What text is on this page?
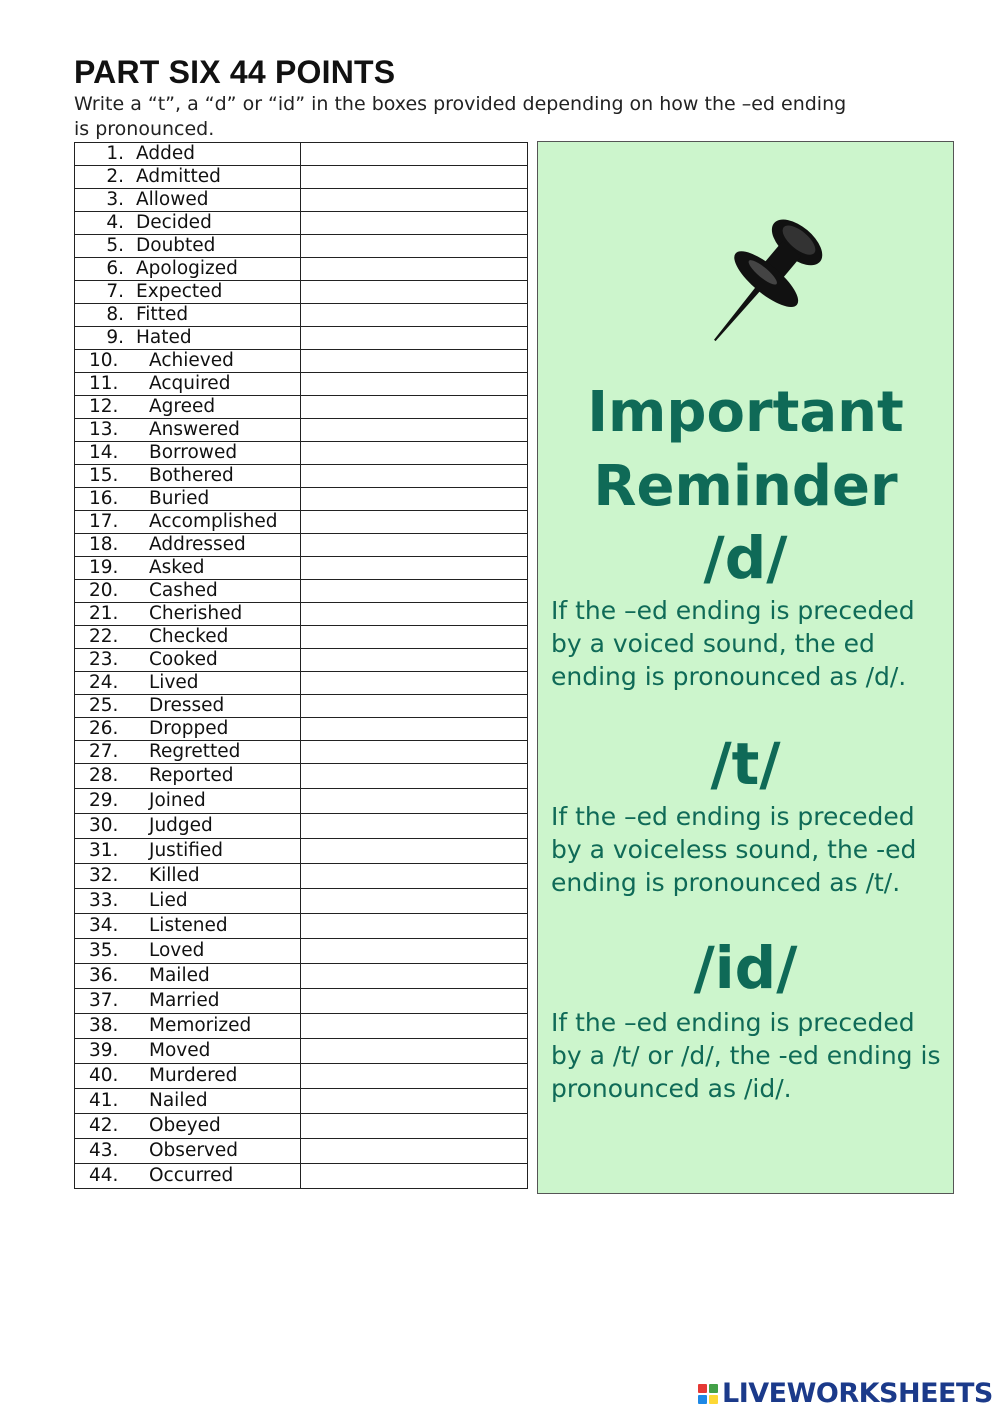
PART SIX 44 POINTS
Write a “t”, a “d” or “id” in the boxes provided depending on how the –ed ending
is pronounced.
1. Added	
2. Admitted	
3. Allowed	
4. Decided	
5. Doubted	
6. Apologized	
7. Expected	
8. Fitted	
9. Hated	
10. Achieved	
11. Acquired	
12. Agreed	
13. Answered	
14. Borrowed	
15. Bothered	
16. Buried	
17. Accomplished	
18. Addressed	
19. Asked	
20. Cashed	
21. Cherished	
22. Checked	
23. Cooked	
24. Lived	
25. Dressed	
26. Dropped	
27. Regretted	
28. Reported	
29. Joined	
30. Judged	
31. Justified	
32. Killed	
33. Lied	
34. Listened	
35. Loved	
36. Mailed	
37. Married	
38. Memorized	
39. Moved	
40. Murdered	
41. Nailed	
42. Obeyed	
43. Observed	
44. Occurred	
Important
Reminder
/d/
If the –ed ending is preceded by a voiced sound, the ed ending is pronounced as /d/.
/t/
If the –ed ending is preceded by a voiceless sound, the -ed ending is pronounced as /t/.
/id/
If the –ed ending is preceded by a /t/ or /d/, the -ed ending is pronounced as /id/.
LIVEWORKSHEETS
